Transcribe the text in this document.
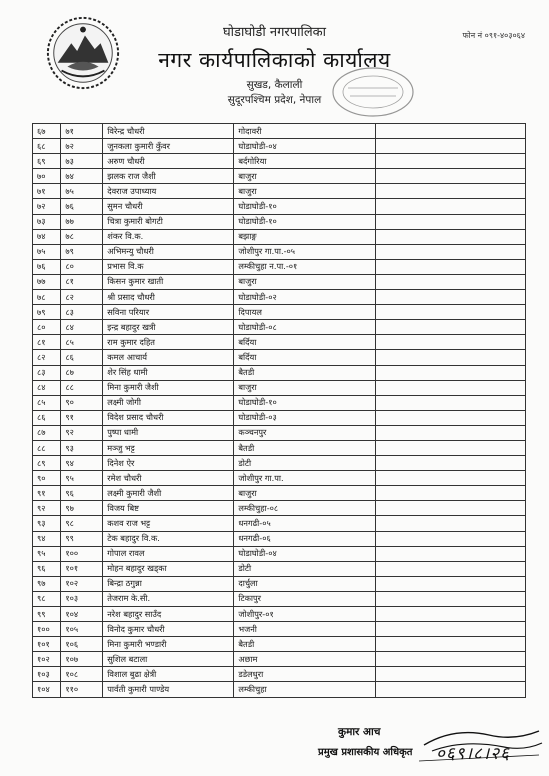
घोडाघोडी नगरपालिका	फोन नं ०९१-४०३०६४
नगर कार्यपालिकाको कार्यालय
सुखड, कैलाली
सुदूरपश्चिम प्रदेश, नेपाल
६७	७१	विरेन्द्र चौधरी	गोदावरी	
६८	७२	जुनकला कुमारी कुँवर	घोडाघोडी-०४	
६९	७३	अरुण चौधरी	बर्दगोरिया	
७०	७४	झलक राज जैशी	बाजुरा	
७१	७५	देवराज उपाध्याय	बाजुरा	
७२	७६	सुमन चौधरी	घोडाघोडी-१०	
७३	७७	चित्रा कुमारी बोगटी	घोडाघोडी-१०	
७४	७८	शंकर वि.क.	बझाङ्ग	
७५	७९	अभिमन्यु चौधरी	जोशीपुर गा.पा.-०५	
७६	८०	प्रभास वि.क	लम्कीचुहा न.पा.-०१	
७७	८१	किसन कुमार खाती	बाजुरा	
७८	८२	श्री प्रसाद चौधरी	घोडाघोडी-०२	
७९	८३	सविना परियार	दिपायल	
८०	८४	इन्द्र बहादुर खत्री	घोडाघोडी-०८	
८१	८५	राम कुमार दहित	बर्दिया	
८२	८६	कमल आचार्य	बर्दिया	
८३	८७	शेर सिंह धामी	बैतडी	
८४	८८	मिना कुमारी जैशी	बाजुरा	
८५	९०	लक्ष्मी जोगी	घोडाघोडी-१०	
८६	९१	विदेश प्रसाद चौधरी	घोडाघोडी-०३	
८७	९२	पुष्पा धामी	कञ्चनपुर	
८८	९३	मञ्जु भट्ट	बैतडी	
८९	९४	दिनेश ऐर	डोटी	
९०	९५	रमेश चौधरी	जोशीपुर गा.पा.	
९१	९६	लक्ष्मी कुमारी जैशी	बाजुरा	
९२	९७	विजय बिष्ट	लम्कीचुहा-०८	
९३	९८	कशव राज भट्ट	धनगढी-०५	
९४	९९	टेक बहादुर वि.क.	धनगढी-०६	
९५	१००	गोपाल रावल	घोडाघोडी-०४	
९६	१०१	मोहन बहादुर खड्का	डोटी	
९७	१०२	बिन्द्रा ठगुन्ना	दार्चुला	
९८	१०३	तेजराम के.सी.	टिकापुर	
९९	१०४	नरेश बहादुर साउँद	जोशीपुर-०१	
१००	१०५	विनोद कुमार चौधरी	भजनी	
१०१	१०६	मिना कुमारी भण्डारी	बैतडी	
१०२	१०७	सुशिल बटाला	अछाम	
१०३	१०८	विशाल बुढा क्षेत्री	डडेलधुरा	
१०४	११०	पार्वती कुमारी पाण्डेय	लम्कीचुहा	
कुमार आच
प्रमुख प्रशासकीय अधिकृत ०६९।८।२६
